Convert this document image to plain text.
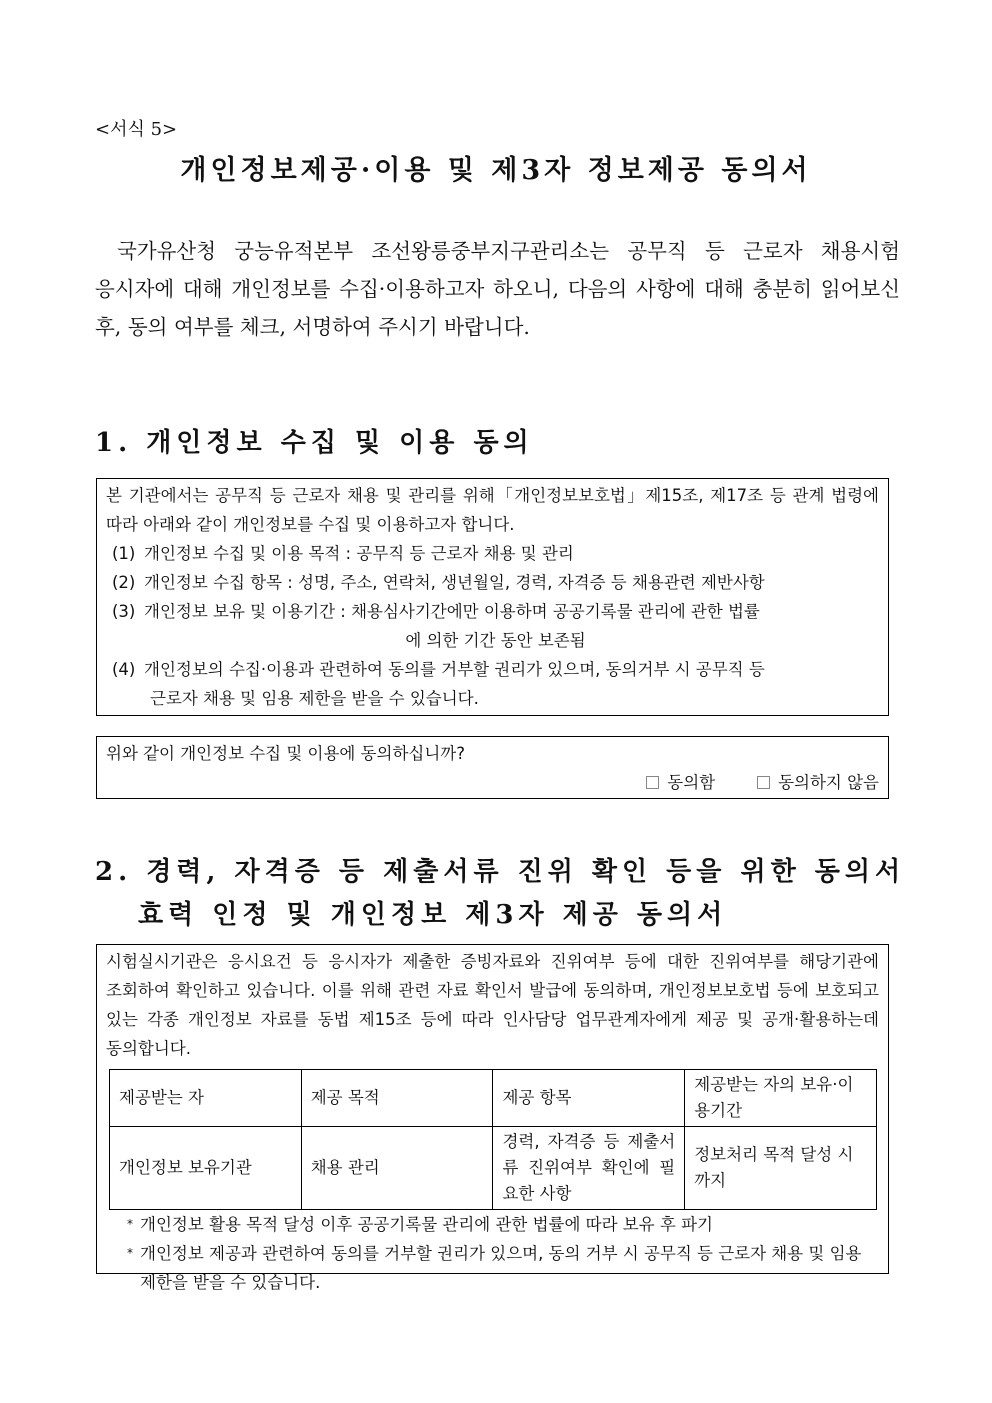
<서식 5>
개인정보제공·이용 및 제3자 정보제공 동의서

국가유산청 궁능유적본부 조선왕릉중부지구관리소는 공무직 등 근로자 채용시험 응시자에 대해 개인정보를 수집·이용하고자 하오니, 다음의 사항에 대해 충분히 읽어보신 후, 동의 여부를 체크, 서명하여 주시기 바랍니다.

1. 개인정보 수집 및 이용 동의

본 기관에서는 공무직 등 근로자 채용 및 관리를 위해「개인정보보호법」제15조, 제17조 등 관계 법령에 따라 아래와 같이 개인정보를 수집 및 이용하고자 합니다.

(1) 개인정보 수집 및 이용 목적 : 공무직 등 근로자 채용 및 관리
(2) 개인정보 수집 항목 : 성명, 주소, 연락처, 생년월일, 경력, 자격증 등 채용관련 제반사항
(3) 개인정보 보유 및 이용기간 : 채용심사기간에만 이용하며 공공기록물 관리에 관한 법률
에 의한 기간 동안 보존됨
(4) 개인정보의 수집·이용과 관련하여 동의를 거부할 권리가 있으며, 동의거부 시 공무직 등
근로자 채용 및 임용 제한을 받을 수 있습니다.

위와 같이 개인정보 수집 및 이용에 동의하십니까?

동의함	동의하지 않음
2. 경력, 자격증 등 제출서류 진위 확인 등을 위한 동의서
효력 인정 및 개인정보 제3자 제공 동의서

시험실시기관은 응시요건 등 응시자가 제출한 증빙자료와 진위여부 등에 대한 진위여부를 해당기관에 조회하여 확인하고 있습니다. 이를 위해 관련 자료 확인서 발급에 동의하며, 개인정보보호법 등에 보호되고 있는 각종 개인정보 자료를 동법 제15조 등에 따라 인사담당 업무관계자에게 제공 및 공개·활용하는데 동의합니다.

제공받는 자	제공 목적	제공 항목	제공받는 자의 보유·이용기간
개인정보 보유기관	채용 관리	경력, 자격증 등 제출서류 진위여부 확인에 필요한 사항	정보처리 목적 달성 시까지
* 개인정보 활용 목적 달성 이후 공공기록물 관리에 관한 법률에 따라 보유 후 파기
* 개인정보 제공과 관련하여 동의를 거부할 권리가 있으며, 동의 거부 시 공무직 등 근로자 채용 및 임용 제한을 받을 수 있습니다.
